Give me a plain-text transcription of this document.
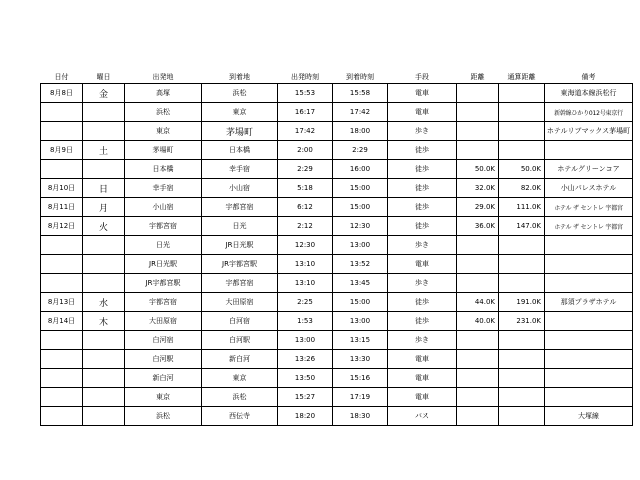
日付	曜日	出発地	到着地	出発時刻	到着時刻	手段	距離	通算距離	備考
8月8日	金	高塚	浜松	15:53	15:58	電車			東海道本線浜松行
		浜松	東京	16:17	17:42	電車			新幹線ひかり012号東京行
		東京	茅場町	17:42	18:00	歩き			ホテルリブマックス茅場町
8月9日	土	茅場町	日本橋	2:00	2:29	徒歩			
		日本橋	幸手宿	2:29	16:00	徒歩	50.0K	50.0K	ホテルグリーンコア
8月10日	日	幸手宿	小山宿	5:18	15:00	徒歩	32.0K	82.0K	小山パレスホテル
8月11日	月	小山宿	宇都宮宿	6:12	15:00	徒歩	29.0K	111.0K	ホテル ザ セントレ 宇都宮
8月12日	火	宇都宮宿	日光	2:12	12:30	徒歩	36.0K	147.0K	ホテル ザ セントレ 宇都宮
		日光	JR日光駅	12:30	13:00	歩き			
		JR日光駅	JR宇都宮駅	13:10	13:52	電車			
		JR宇都宮駅	宇都宮宿	13:10	13:45	歩き			
8月13日	水	宇都宮宿	大田原宿	2:25	15:00	徒歩	44.0K	191.0K	那須プラザホテル
8月14日	木	大田原宿	白河宿	1:53	13:00	徒歩	40.0K	231.0K	
		白河宿	白河駅	13:00	13:15	歩き			
		白河駅	新白河	13:26	13:30	電車			
		新白河	東京	13:50	15:16	電車			
		東京	浜松	15:27	17:19	電車			
		浜松	西伝寺	18:20	18:30	バス			大塚線
